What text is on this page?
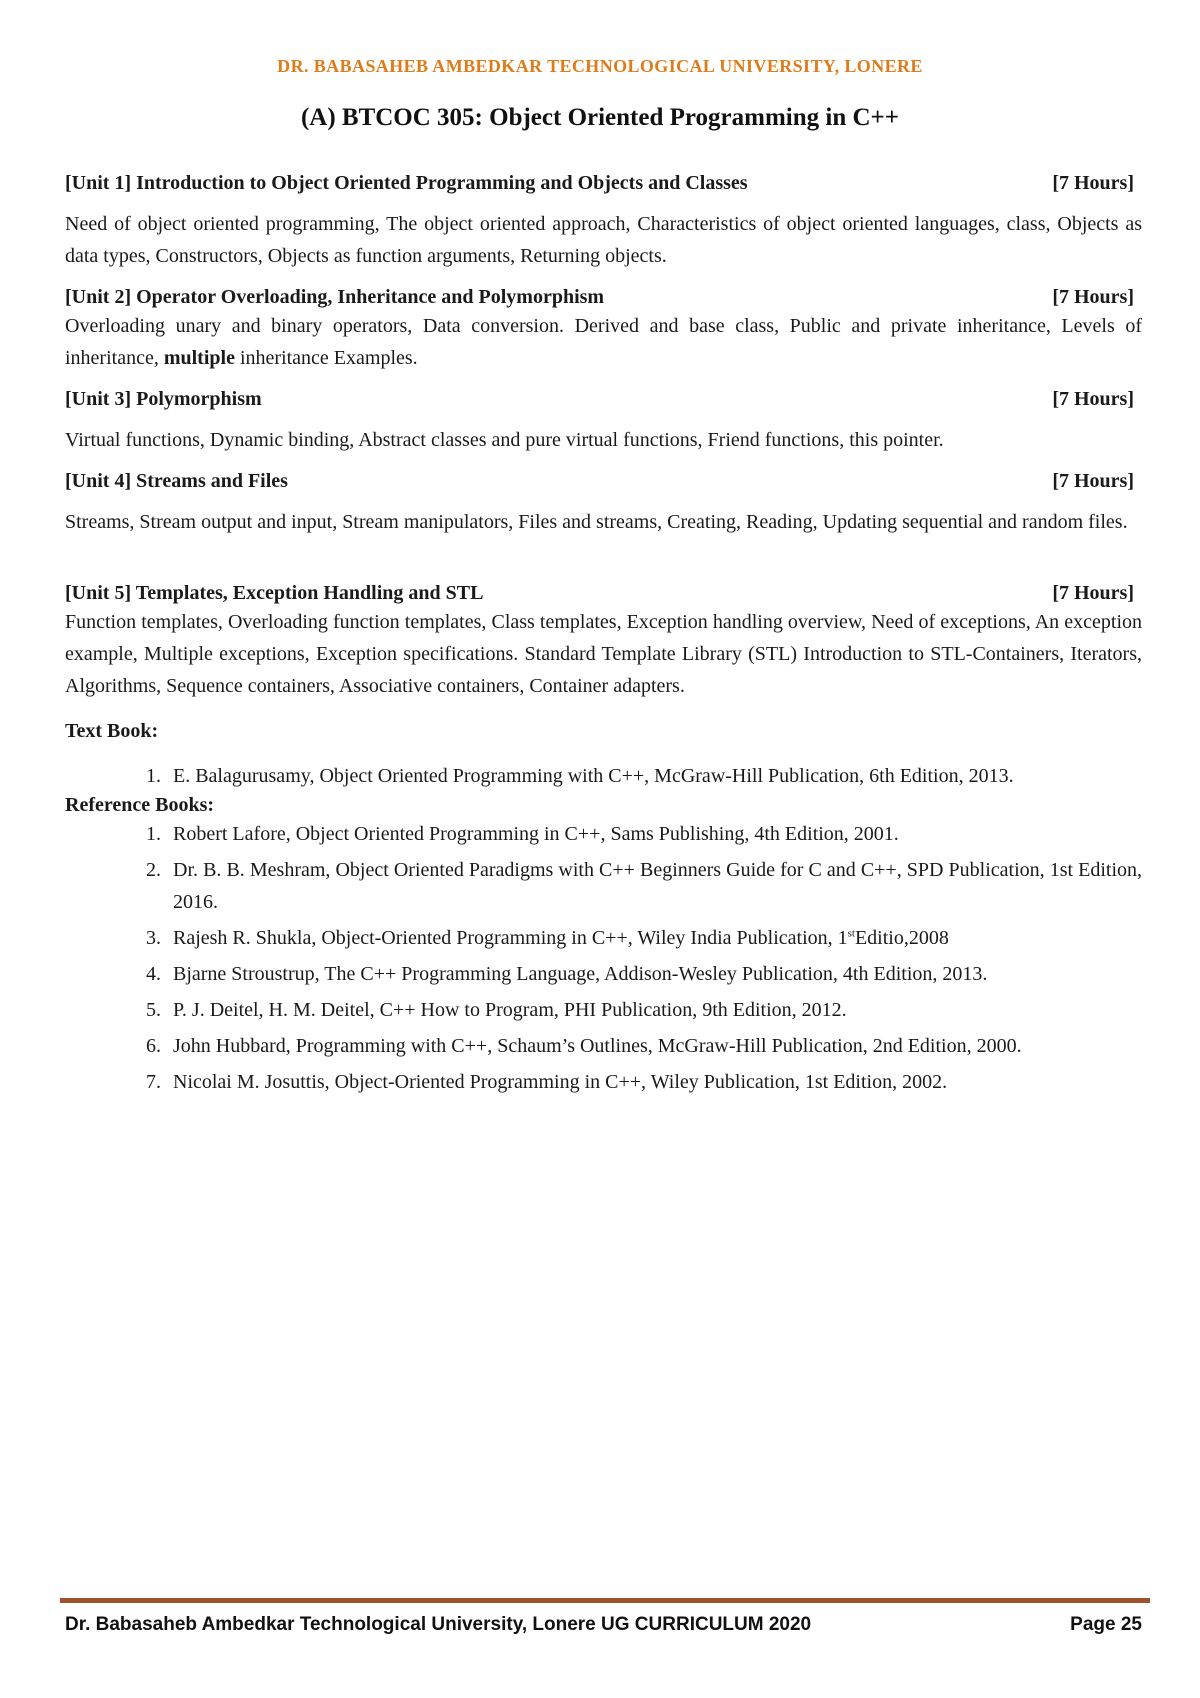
DR. BABASAHEB AMBEDKAR TECHNOLOGICAL UNIVERSITY, LONERE
(A) BTCOC 305: Object Oriented Programming in C++
[Unit 1] Introduction to Object Oriented Programming and Objects and Classes	[7 Hours]

Need of object oriented programming, The object oriented approach, Characteristics of object oriented languages, class, Objects as data types, Constructors, Objects as function arguments, Returning objects.

[Unit 2] Operator Overloading, Inheritance and Polymorphism	[7 Hours]

Overloading unary and binary operators, Data conversion. Derived and base class, Public and private inheritance, Levels of inheritance, multiple inheritance Examples.

[Unit 3] Polymorphism	[7 Hours]

Virtual functions, Dynamic binding, Abstract classes and pure virtual functions, Friend functions, this pointer.

[Unit 4] Streams and Files	[7 Hours]

Streams, Stream output and input, Stream manipulators, Files and streams, Creating, Reading, Updating sequential and random files.

[Unit 5] Templates, Exception Handling and STL	[7 Hours]

Function templates, Overloading function templates, Class templates, Exception handling overview, Need of exceptions, An exception example, Multiple exceptions, Exception specifications. Standard Template Library (STL) Introduction to STL-Containers, Iterators, Algorithms, Sequence containers, Associative containers, Container adapters.

Text Book:
1. E. Balagurusamy, Object Oriented Programming with C++, McGraw-Hill Publication, 6th Edition, 2013.
Reference Books:
1. Robert Lafore, Object Oriented Programming in C++, Sams Publishing, 4th Edition, 2001.
2. Dr. B. B. Meshram, Object Oriented Paradigms with C++ Beginners Guide for C and C++, SPD Publication, 1st Edition, 2016.
3. Rajesh R. Shukla, Object-Oriented Programming in C++, Wiley India Publication, 1stEditio,2008
4. Bjarne Stroustrup, The C++ Programming Language, Addison-Wesley Publication, 4th Edition, 2013.
5. P. J. Deitel, H. M. Deitel, C++ How to Program, PHI Publication, 9th Edition, 2012.
6. John Hubbard, Programming with C++, Schaum’s Outlines, McGraw-Hill Publication, 2nd Edition, 2000.
7. Nicolai M. Josuttis, Object-Oriented Programming in C++, Wiley Publication, 1st Edition, 2002.
Dr. Babasaheb Ambedkar Technological University, Lonere UG CURRICULUM 2020	Page 25
